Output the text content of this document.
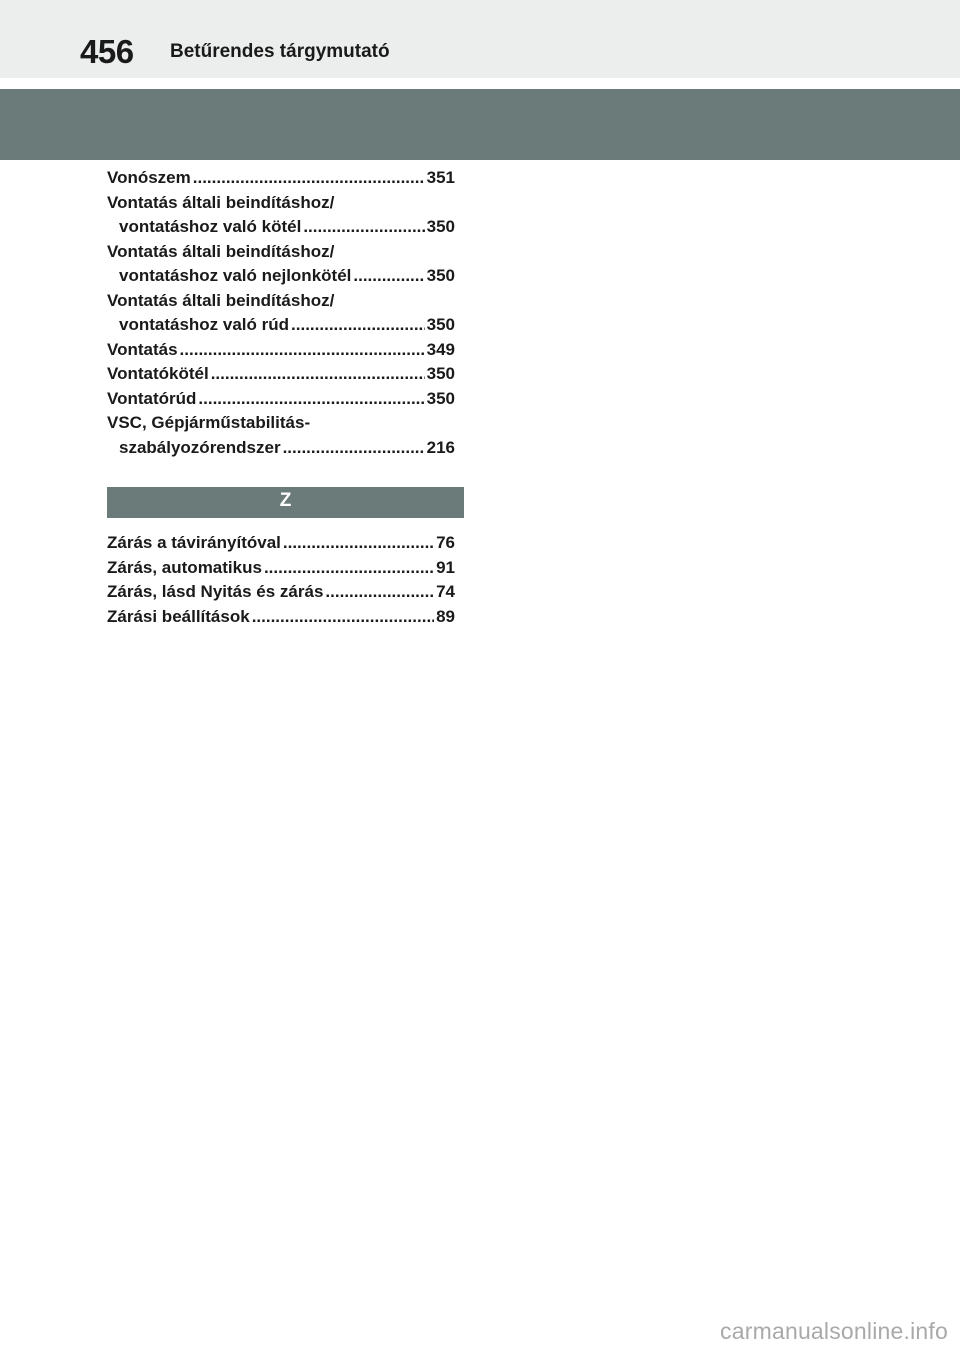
456 Betűrendes tárgymutató
Vonószem .....	351
Vontatás általi beindításhoz/
vontatáshoz való kötél .....	350
Vontatás általi beindításhoz/
vontatáshoz való nejlonkötél .....	350
Vontatás általi beindításhoz/
vontatáshoz való rúd .....	350
Vontatás .....	349
Vontatókötél .....	350
Vontatórúd .....	350
VSC, Gépjárműstabilitás-
szabályozórendszer .....	216
Z
Zárás a távirányítóval .....	76
Zárás, automatikus .....	91
Zárás, lásd Nyitás és zárás .....	74
Zárási beállítások .....	89
carmanualsonline.info
